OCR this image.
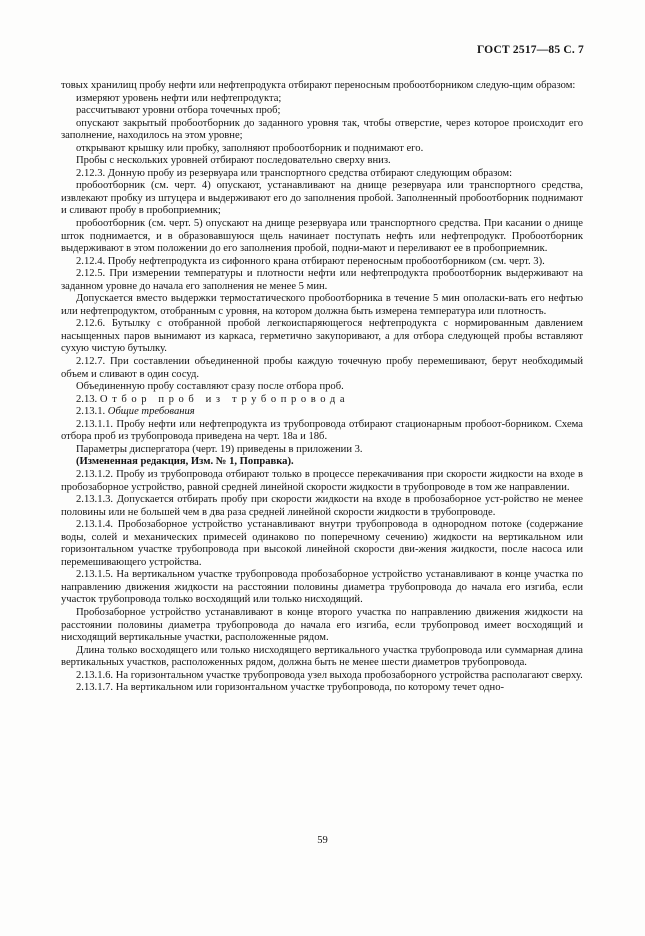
ГОСТ 2517—85 С. 7

товых хранилищ пробу нефти или нефтепродукта отбирают переносным пробоотборником следую-щим образом:

измеряют уровень нефти или нефтепродукта;

рассчитывают уровни отбора точечных проб;

опускают закрытый пробоотборник до заданного уровня так, чтобы отверстие, через которое происходит его заполнение, находилось на этом уровне;

открывают крышку или пробку, заполняют пробоотборник и поднимают его.

Пробы с нескольких уровней отбирают последовательно сверху вниз.

2.12.3. Донную пробу из резервуара или транспортного средства отбирают следующим образом:

пробоотборник (см. черт. 4) опускают, устанавливают на днище резервуара или транспортного средства, извлекают пробку из штуцера и выдерживают его до заполнения пробой. Заполненный пробоотборник поднимают и сливают пробу в пробоприемник;

пробоотборник (см. черт. 5) опускают на днище резервуара или транспортного средства. При касании о днище шток поднимается, и в образовавшуюся щель начинает поступать нефть или нефтепродукт. Пробоотборник выдерживают в этом положении до его заполнения пробой, подни-мают и переливают ее в пробоприемник.

2.12.4. Пробу нефтепродукта из сифонного крана отбирают переносным пробоотборником (см. черт. 3).

2.12.5. При измерении температуры и плотности нефти или нефтепродукта пробоотборник выдерживают на заданном уровне до начала его заполнения не менее 5 мин.

Допускается вместо выдержки термостатического пробоотборника в течение 5 мин ополаски-вать его нефтью или нефтепродуктом, отобранным с уровня, на котором должна быть измерена температура или плотность.

2.12.6. Бутылку с отобранной пробой легкоиспаряющегося нефтепродукта с нормированным давлением насыщенных паров вынимают из каркаса, герметично закупоривают, а для отбора следующей пробы вставляют сухую чистую бутылку.

2.12.7. При составлении объединенной пробы каждую точечную пробу перемешивают, берут необходимый объем и сливают в один сосуд.

Объединенную пробу составляют сразу после отбора проб.

2.13. Отбор проб из трубопровода

2.13.1. Общие требования

2.13.1.1. Пробу нефти или нефтепродукта из трубопровода отбирают стационарным пробоот-борником. Схема отбора проб из трубопровода приведена на черт. 18а и 18б.

Параметры диспергатора (черт. 19) приведены в приложении 3.

(Измененная редакция, Изм. № 1, Поправка).

2.13.1.2. Пробу из трубопровода отбирают только в процессе перекачивания при скорости жидкости на входе в пробозаборное устройство, равной средней линейной скорости жидкости в трубопроводе в том же направлении.

2.13.1.3. Допускается отбирать пробу при скорости жидкости на входе в пробозаборное уст-ройство не менее половины или не большей чем в два раза средней линейной скорости жидкости в трубопроводе.

2.13.1.4. Пробозаборное устройство устанавливают внутри трубопровода в однородном потоке (содержание воды, солей и механических примесей одинаково по поперечному сечению) жидкости на вертикальном или горизонтальном участке трубопровода при высокой линейной скорости дви-жения жидкости, после насоса или перемешивающего устройства.

2.13.1.5. На вертикальном участке трубопровода пробозаборное устройство устанавливают в конце участка по направлению движения жидкости на расстоянии половины диаметра трубопровода до начала его изгиба, если участок трубопровода только восходящий или только нисходящий.

Пробозаборное устройство устанавливают в конце второго участка по направлению движения жидкости на расстоянии половины диаметра трубопровода до начала его изгиба, если трубопровод имеет восходящий и нисходящий вертикальные участки, расположенные рядом.

Длина только восходящего или только нисходящего вертикального участка трубопровода или суммарная длина вертикальных участков, расположенных рядом, должна быть не менее шести диаметров трубопровода.

2.13.1.6. На горизонтальном участке трубопровода узел выхода пробозаборного устройства располагают сверху.

2.13.1.7. На вертикальном или горизонтальном участке трубопровода, по которому течет одно-

59
